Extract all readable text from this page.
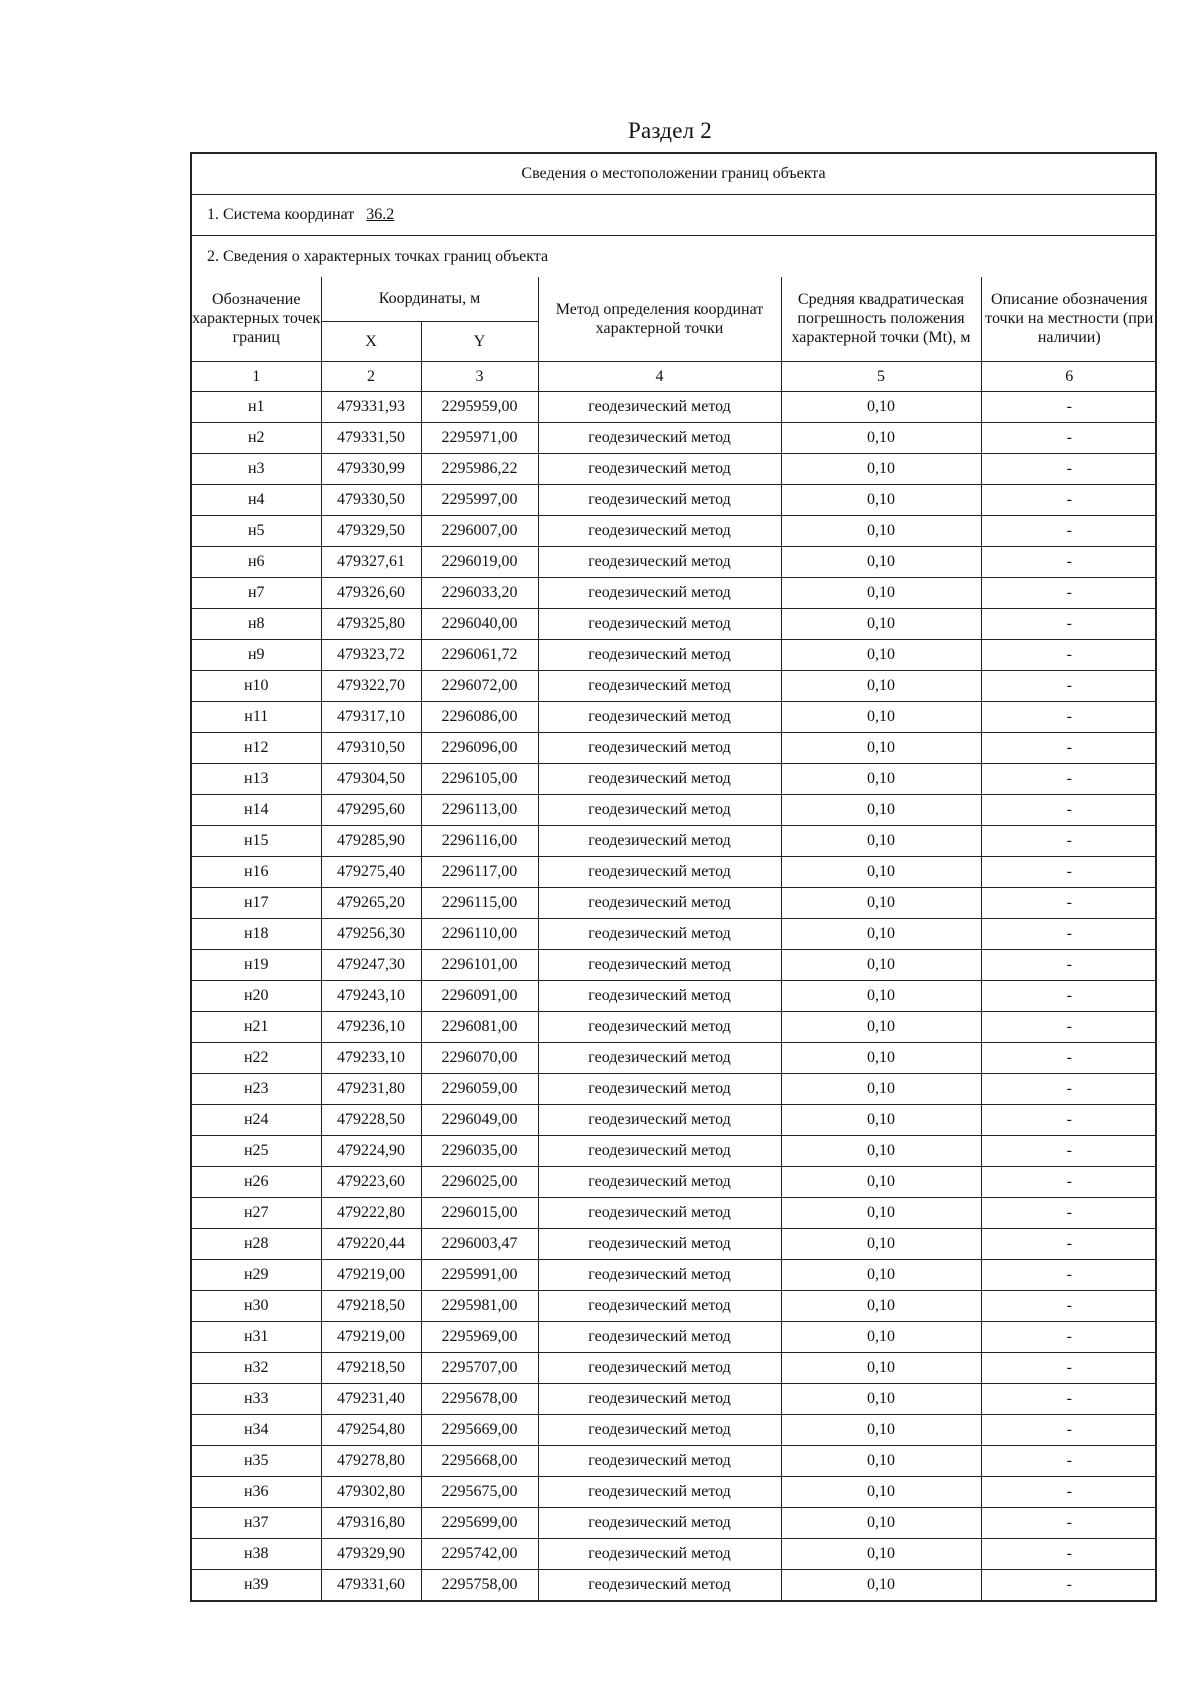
Раздел 2
Сведения о местоположении границ объекта
1. Система координат 36.2
2. Сведения о характерных точках границ объекта
Обозначение характерных точек границ	Координаты, м		Метод определения координат характерной точки	Средняя квадратическая погрешность положения характерной точки (Mt), м	Описание обозначения точки на местности (при наличии)
	X	Y			
1	2	3	4	5	6
н1	479331,93	2295959,00	геодезический метод	0,10	-
н2	479331,50	2295971,00	геодезический метод	0,10	-
н3	479330,99	2295986,22	геодезический метод	0,10	-
н4	479330,50	2295997,00	геодезический метод	0,10	-
н5	479329,50	2296007,00	геодезический метод	0,10	-
н6	479327,61	2296019,00	геодезический метод	0,10	-
н7	479326,60	2296033,20	геодезический метод	0,10	-
н8	479325,80	2296040,00	геодезический метод	0,10	-
н9	479323,72	2296061,72	геодезический метод	0,10	-
н10	479322,70	2296072,00	геодезический метод	0,10	-
н11	479317,10	2296086,00	геодезический метод	0,10	-
н12	479310,50	2296096,00	геодезический метод	0,10	-
н13	479304,50	2296105,00	геодезический метод	0,10	-
н14	479295,60	2296113,00	геодезический метод	0,10	-
н15	479285,90	2296116,00	геодезический метод	0,10	-
н16	479275,40	2296117,00	геодезический метод	0,10	-
н17	479265,20	2296115,00	геодезический метод	0,10	-
н18	479256,30	2296110,00	геодезический метод	0,10	-
н19	479247,30	2296101,00	геодезический метод	0,10	-
н20	479243,10	2296091,00	геодезический метод	0,10	-
н21	479236,10	2296081,00	геодезический метод	0,10	-
н22	479233,10	2296070,00	геодезический метод	0,10	-
н23	479231,80	2296059,00	геодезический метод	0,10	-
н24	479228,50	2296049,00	геодезический метод	0,10	-
н25	479224,90	2296035,00	геодезический метод	0,10	-
н26	479223,60	2296025,00	геодезический метод	0,10	-
н27	479222,80	2296015,00	геодезический метод	0,10	-
н28	479220,44	2296003,47	геодезический метод	0,10	-
н29	479219,00	2295991,00	геодезический метод	0,10	-
н30	479218,50	2295981,00	геодезический метод	0,10	-
н31	479219,00	2295969,00	геодезический метод	0,10	-
н32	479218,50	2295707,00	геодезический метод	0,10	-
н33	479231,40	2295678,00	геодезический метод	0,10	-
н34	479254,80	2295669,00	геодезический метод	0,10	-
н35	479278,80	2295668,00	геодезический метод	0,10	-
н36	479302,80	2295675,00	геодезический метод	0,10	-
н37	479316,80	2295699,00	геодезический метод	0,10	-
н38	479329,90	2295742,00	геодезический метод	0,10	-
н39	479331,60	2295758,00	геодезический метод	0,10	-
